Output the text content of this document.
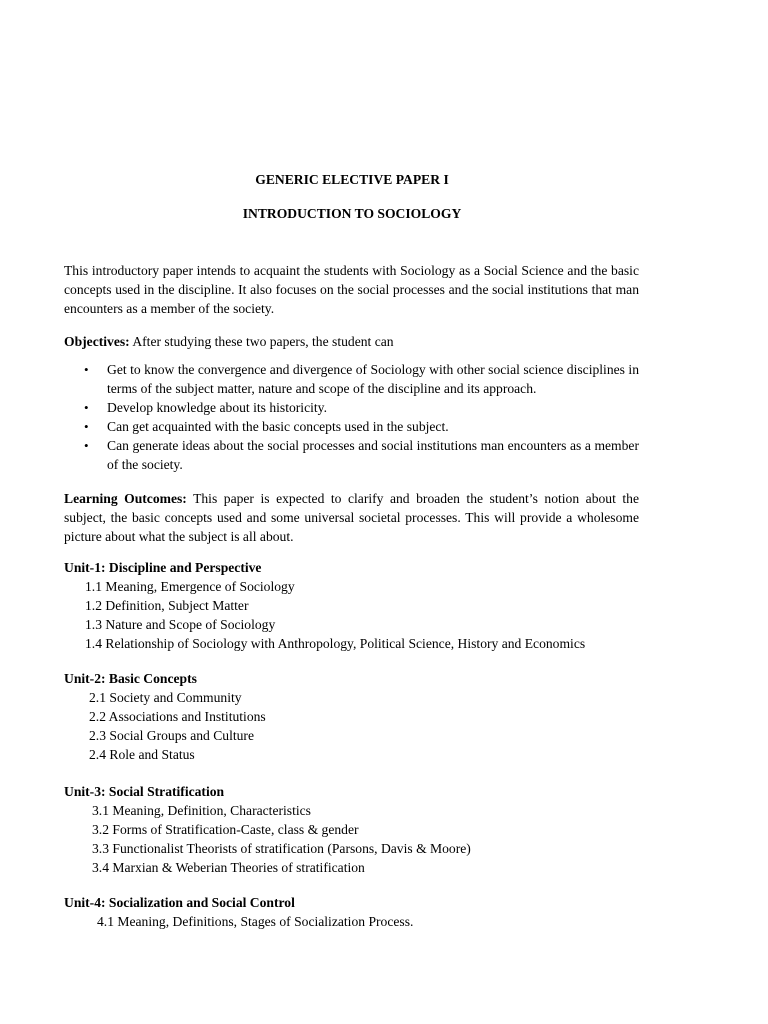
GENERIC ELECTIVE PAPER I
INTRODUCTION TO SOCIOLOGY
This introductory paper intends to acquaint the students with Sociology as a Social Science and the basic concepts used in the discipline. It also focuses on the social processes and the social institutions that man encounters as a member of the society.
Objectives: After studying these two papers, the student can
• Get to know the convergence and divergence of Sociology with other social science disciplines in terms of the subject matter, nature and scope of the discipline and its approach.
• Develop knowledge about its historicity.
• Can get acquainted with the basic concepts used in the subject.
• Can generate ideas about the social processes and social institutions man encounters as a member of the society.
Learning Outcomes: This paper is expected to clarify and broaden the student’s notion about the subject, the basic concepts used and some universal societal processes. This will provide a wholesome picture about what the subject is all about.
Unit-1: Discipline and Perspective
1.1 Meaning, Emergence of Sociology
1.2 Definition, Subject Matter
1.3 Nature and Scope of Sociology
1.4 Relationship of Sociology with Anthropology, Political Science, History and Economics
Unit-2: Basic Concepts
2.1 Society and Community
2.2 Associations and Institutions
2.3 Social Groups and Culture
2.4 Role and Status
Unit-3: Social Stratification
3.1 Meaning, Definition, Characteristics
3.2 Forms of Stratification-Caste, class & gender
3.3 Functionalist Theorists of stratification (Parsons, Davis & Moore)
3.4 Marxian & Weberian Theories of stratification
Unit-4: Socialization and Social Control
4.1 Meaning, Definitions, Stages of Socialization Process.
